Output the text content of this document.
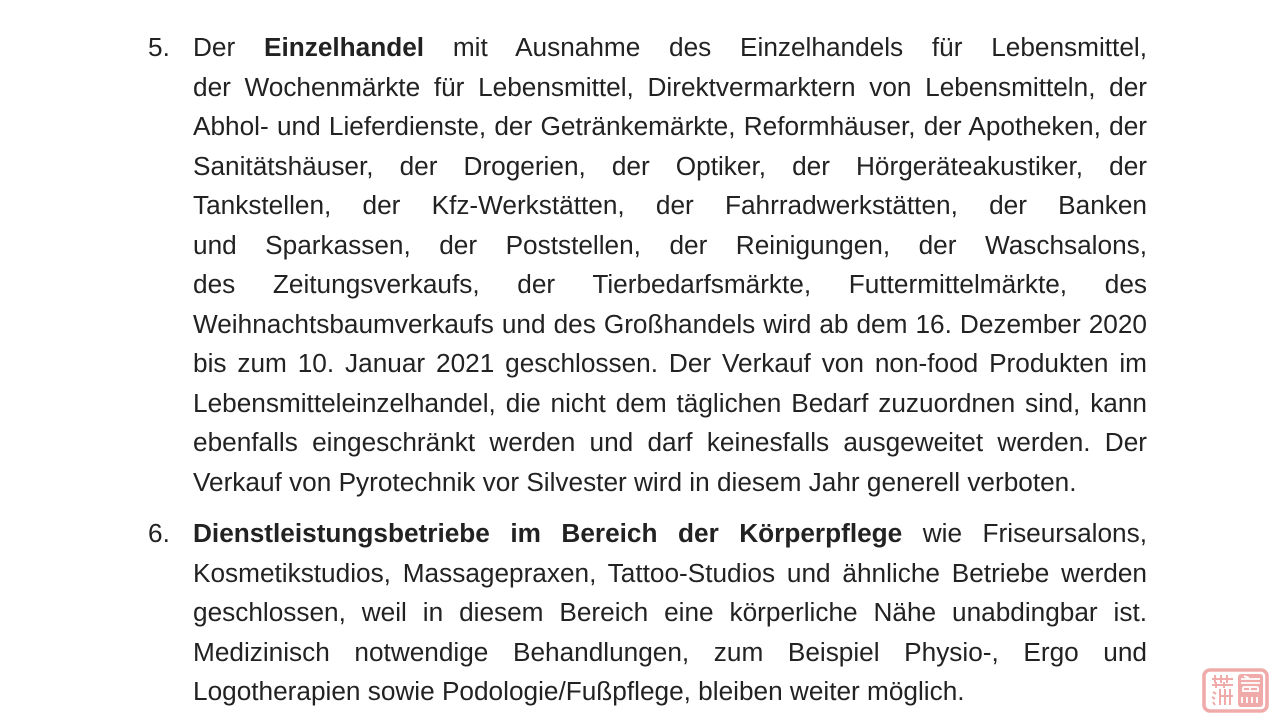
5. Der Einzelhandel mit Ausnahme des Einzelhandels für Lebensmittel,
der Wochenmärkte für Lebensmittel, Direktvermarktern von Lebensmitteln, der
Abhol- und Lieferdienste, der Getränkemärkte, Reformhäuser, der Apotheken, der
Sanitätshäuser, der Drogerien, der Optiker, der Hörgeräteakustiker, der
Tankstellen, der Kfz-Werkstätten, der Fahrradwerkstätten, der Banken
und Sparkassen, der Poststellen, der Reinigungen, der Waschsalons,
des Zeitungsverkaufs, der Tierbedarfsmärkte, Futtermittelmärkte, des
Weihnachtsbaumverkaufs und des Großhandels wird ab dem 16. Dezember 2020
bis zum 10. Januar 2021 geschlossen. Der Verkauf von non-food Produkten im
Lebensmitteleinzelhandel, die nicht dem täglichen Bedarf zuzuordnen sind, kann
ebenfalls eingeschränkt werden und darf keinesfalls ausgeweitet werden. Der
Verkauf von Pyrotechnik vor Silvester wird in diesem Jahr generell verboten.
6. Dienstleistungsbetriebe im Bereich der Körperpflege wie Friseursalons,
Kosmetikstudios, Massagepraxen, Tattoo-Studios und ähnliche Betriebe werden
geschlossen, weil in diesem Bereich eine körperliche Nähe unabdingbar ist.
Medizinisch notwendige Behandlungen, zum Beispiel Physio-, Ergo und
Logotherapien sowie Podologie/Fußpflege, bleiben weiter möglich.
